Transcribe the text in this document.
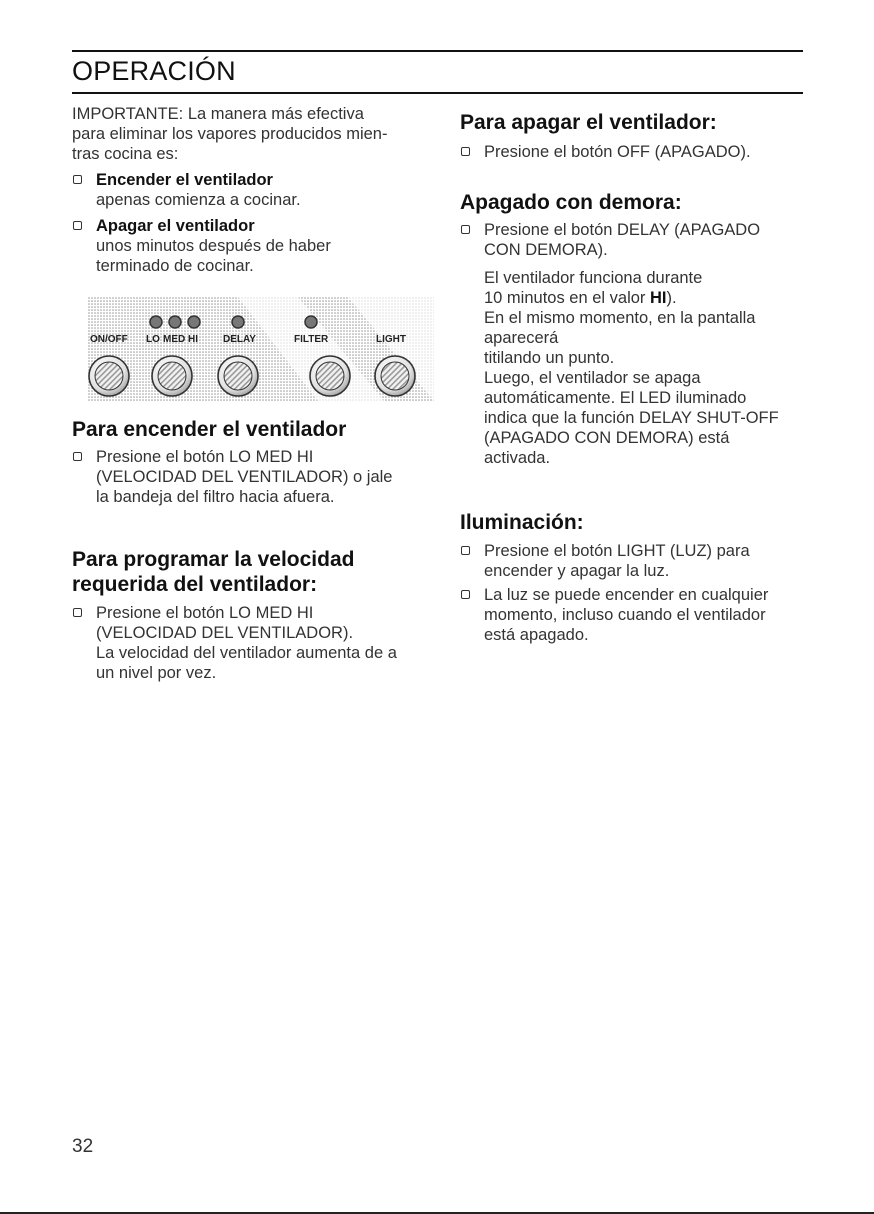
OPERACIÓN

IMPORTANTE: La manera más efectiva

para eliminar los vapores producidos mien-

tras cocina es:

Encender el ventilador

apenas comienza a cocinar.

Apagar el ventilador

unos minutos después de haber

terminado de cocinar.

ON/OFF LO MED HI	DELAY	FILTER	LIGHT
Para encender el ventilador
Presione el botón LO MED HI

(VELOCIDAD DEL VENTILADOR) o jale

la bandeja del filtro hacia afuera.

Para programar la velocidad
requerida del ventilador:
Presione el botón LO MED HI

(VELOCIDAD DEL VENTILADOR).

La velocidad del ventilador aumenta de a

un nivel por vez.

Para apagar el ventilador:
Presione el botón OFF (APAGADO).
Apagado con demora:
Presione el botón DELAY (APAGADO

CON DEMORA).

El ventilador funciona durante

10 minutos en el valor HI).

En el mismo momento, en la pantalla

aparecerá

titilando un punto.

Luego, el ventilador se apaga

automáticamente. El LED iluminado

indica que la función DELAY SHUT-OFF

(APAGADO CON DEMORA) está

activada.

Iluminación:
Presione el botón LIGHT (LUZ) para

encender y apagar la luz.

La luz se puede encender en cualquier

momento, incluso cuando el ventilador

está apagado.

32
